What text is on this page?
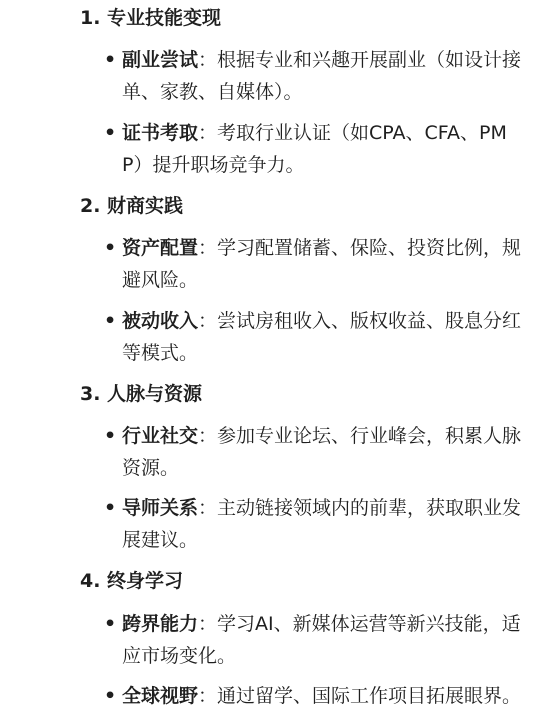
1. 专业技能变现
• 副业尝试：根据专业和兴趣开展副业（如设计接单、家教、自媒体）。
• 证书考取：考取行业认证（如CPA、CFA、PMP）提升职场竞争力。
2. 财商实践
• 资产配置：学习配置储蓄、保险、投资比例，规避风险。
• 被动收入：尝试房租收入、版权收益、股息分红等模式。
3. 人脉与资源
• 行业社交：参加专业论坛、行业峰会，积累人脉资源。
• 导师关系：主动链接领域内的前辈，获取职业发展建议。
4. 终身学习
• 跨界能力：学习AI、新媒体运营等新兴技能，适应市场变化。
• 全球视野：通过留学、国际工作项目拓展眼界。
